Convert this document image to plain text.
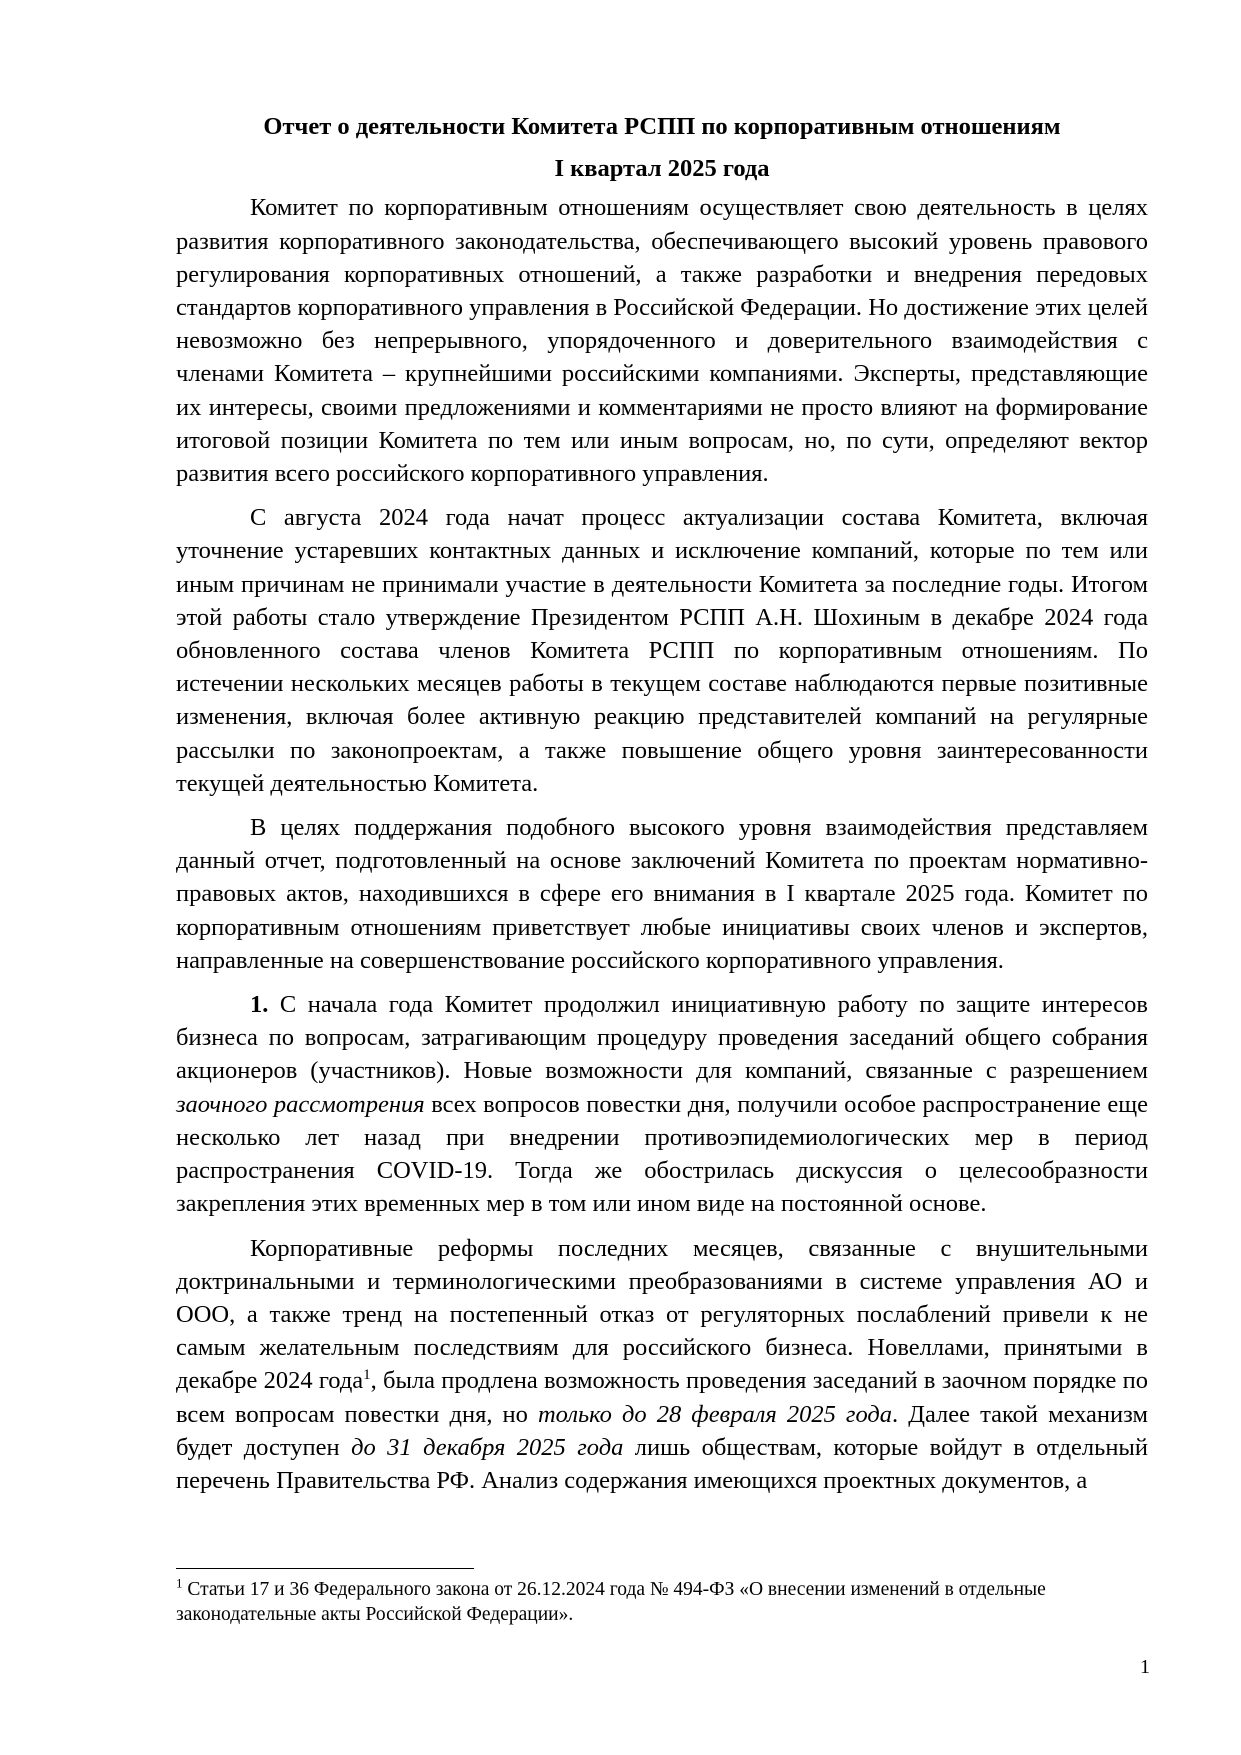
Отчет о деятельности Комитета РСПП по корпоративным отношениям

I квартал 2025 года

Комитет по корпоративным отношениям осуществляет свою деятельность в целях развития корпоративного законодательства, обеспечивающего высокий уровень правового регулирования корпоративных отношений, а также разработки и внедрения передовых стандартов корпоративного управления в Российской Федерации. Но достижение этих целей невозможно без непрерывного, упорядоченного и доверительного взаимодействия с членами Комитета – крупнейшими российскими компаниями. Эксперты, представляющие их интересы, своими предложениями и комментариями не просто влияют на формирование итоговой позиции Комитета по тем или иным вопросам, но, по сути, определяют вектор развития всего российского корпоративного управления.

С августа 2024 года начат процесс актуализации состава Комитета, включая уточнение устаревших контактных данных и исключение компаний, которые по тем или иным причинам не принимали участие в деятельности Комитета за последние годы. Итогом этой работы стало утверждение Президентом РСПП А.Н. Шохиным в декабре 2024 года обновленного состава членов Комитета РСПП по корпоративным отношениям. По истечении нескольких месяцев работы в текущем составе наблюдаются первые позитивные изменения, включая более активную реакцию представителей компаний на регулярные рассылки по законопроектам, а также повышение общего уровня заинтересованности текущей деятельностью Комитета.

В целях поддержания подобного высокого уровня взаимодействия представляем данный отчет, подготовленный на основе заключений Комитета по проектам нормативно-правовых актов, находившихся в сфере его внимания в I квартале 2025 года. Комитет по корпоративным отношениям приветствует любые инициативы своих членов и экспертов, направленные на совершенствование российского корпоративного управления.

1. С начала года Комитет продолжил инициативную работу по защите интересов бизнеса по вопросам, затрагивающим процедуру проведения заседаний общего собрания акционеров (участников). Новые возможности для компаний, связанные с разрешением заочного рассмотрения всех вопросов повестки дня, получили особое распространение еще несколько лет назад при внедрении противоэпидемиологических мер в период распространения COVID-19. Тогда же обострилась дискуссия о целесообразности закрепления этих временных мер в том или ином виде на постоянной основе.

Корпоративные реформы последних месяцев, связанные с внушительными доктринальными и терминологическими преобразованиями в системе управления АО и ООО, а также тренд на постепенный отказ от регуляторных послаблений привели к не самым желательным последствиям для российского бизнеса. Новеллами, принятыми в декабре 2024 года$^1$, была продлена возможность проведения заседаний в заочном порядке по всем вопросам повестки дня, но только до 28 февраля 2025 года. Далее такой механизм будет доступен до 31 декабря 2025 года лишь обществам, которые войдут в отдельный перечень Правительства РФ. Анализ содержания имеющихся проектных документов, а

$^1$ Статьи 17 и 36 Федерального закона от 26.12.2024 года № 494-ФЗ «О внесении изменений в отдельные законодательные акты Российской Федерации».

1
